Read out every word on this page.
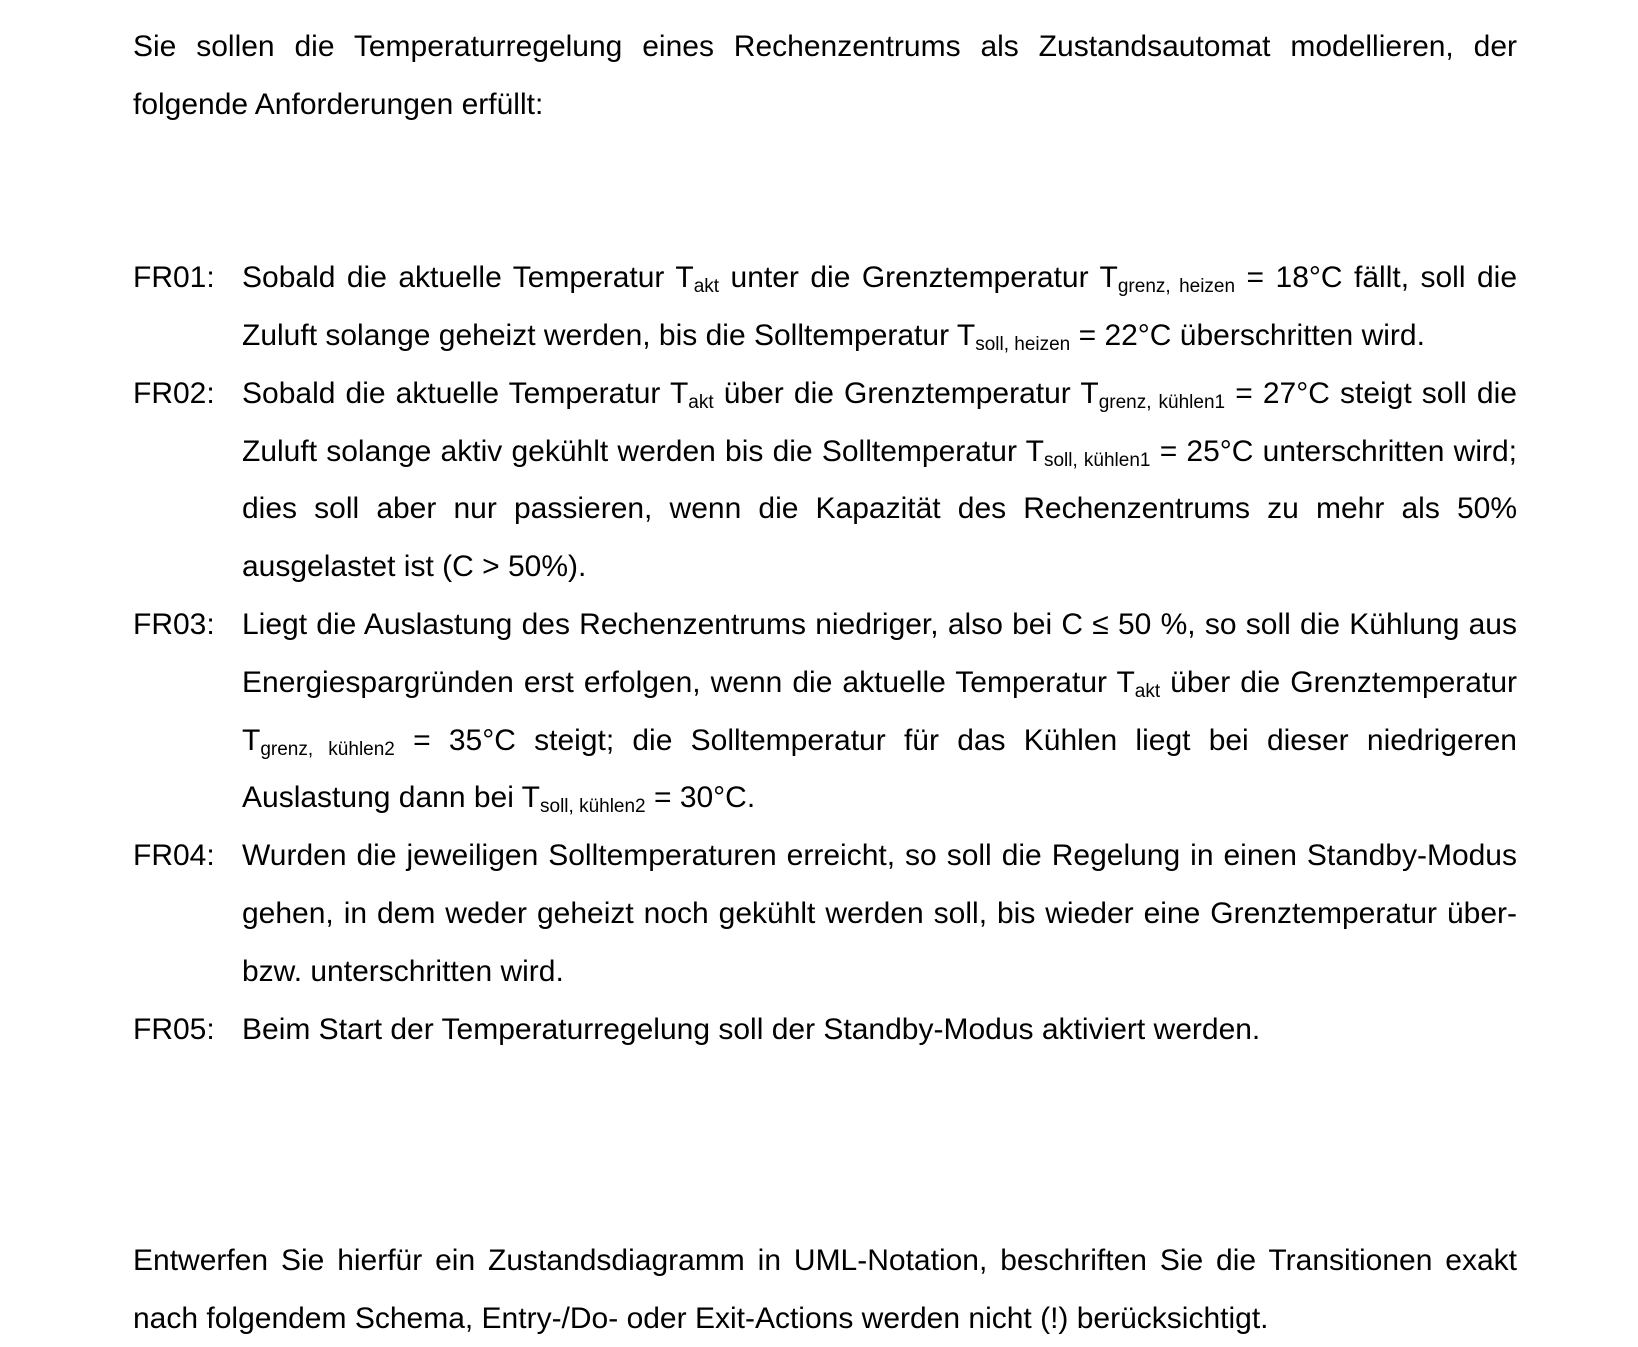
Sie sollen die Temperaturregelung eines Rechenzentrums als Zustandsautomat modellieren, der folgende Anforderungen erfüllt:

FR01: Sobald die aktuelle Temperatur $T_{akt}$ unter die Grenztemperatur $T_{grenz, heizen} = 18^\circ C$ fällt, soll die Zuluft solange geheizt werden, bis die Solltemperatur $T_{soll, heizen} = 22^\circ C$ überschritten wird.
FR02: Sobald die aktuelle Temperatur $T_{akt}$ über die Grenztemperatur $T_{grenz, kühlen1} = 27^\circ C$ steigt soll die Zuluft solange aktiv gekühlt werden bis die Solltemperatur $T_{soll, kühlen1} = 25^\circ C$ unterschritten wird; dies soll aber nur passieren, wenn die Kapazität des Rechenzentrums zu mehr als 50% ausgelastet ist (C > 50%).
FR03: Liegt die Auslastung des Rechenzentrums niedriger, also bei C ≤ 50 %, so soll die Kühlung aus Energiespargründen erst erfolgen, wenn die aktuelle Temperatur $T_{akt}$ über die Grenztemperatur $T_{grenz, kühlen2} = 35^\circ C$ steigt; die Solltemperatur für das Kühlen liegt bei dieser niedrigeren Auslastung dann bei $T_{soll, kühlen2} = 30^\circ C$.
FR04: Wurden die jeweiligen Solltemperaturen erreicht, so soll die Regelung in einen Standby-Modus gehen, in dem weder geheizt noch gekühlt werden soll, bis wieder eine Grenztemperatur über- bzw. unterschritten wird.
FR05: Beim Start der Temperaturregelung soll der Standby-Modus aktiviert werden.

Entwerfen Sie hierfür ein Zustandsdiagramm in UML-Notation, beschriften Sie die Transitionen exakt nach folgendem Schema, Entry-/Do- oder Exit-Actions werden nicht (!) berücksichtigt.
